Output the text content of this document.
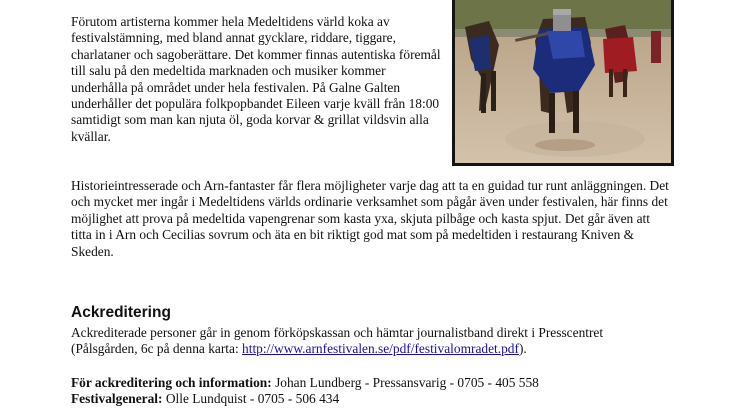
Förutom artisterna kommer hela Medeltidens värld koka av festivalstämning, med bland annat gycklare, riddare, tiggare, charlataner och sagoberättare. Det kommer finnas autentiska föremål till salu på den medeltida marknaden och musiker kommer underhålla på området under hela festivalen. På Galne Galten underhåller det populära folkpopbandet Eileen varje kväll från 18:00 samtidigt som man kan njuta öl, goda korvar & grillat vildsvin alla kvällar.

Historieintresserade och Arn-fantaster får flera möjligheter varje dag att ta en guidad tur runt anläggningen. Det och mycket mer ingår i Medeltidens världs ordinarie verksamhet som pågår även under festivalen, här finns det möjlighet att prova på medeltida vapengrenar som kasta yxa, skjuta pilbåge och kasta spjut. Det går även att titta in i Arn och Cecilias sovrum och äta en bit riktigt god mat som på medeltiden i restaurang Kniven & Skeden.

Ackreditering

Ackrediterade personer går in genom förköpskassan och hämtar journalistband direkt i Presscentret (Pålsgården, 6c på denna karta: http://www.arnfestivalen.se/pdf/festivalomradet.pdf).

För ackreditering och information: Johan Lundberg - Pressansvarig - 0705 - 405 558
Festivalgeneral: Olle Lundquist - 0705 - 506 434
